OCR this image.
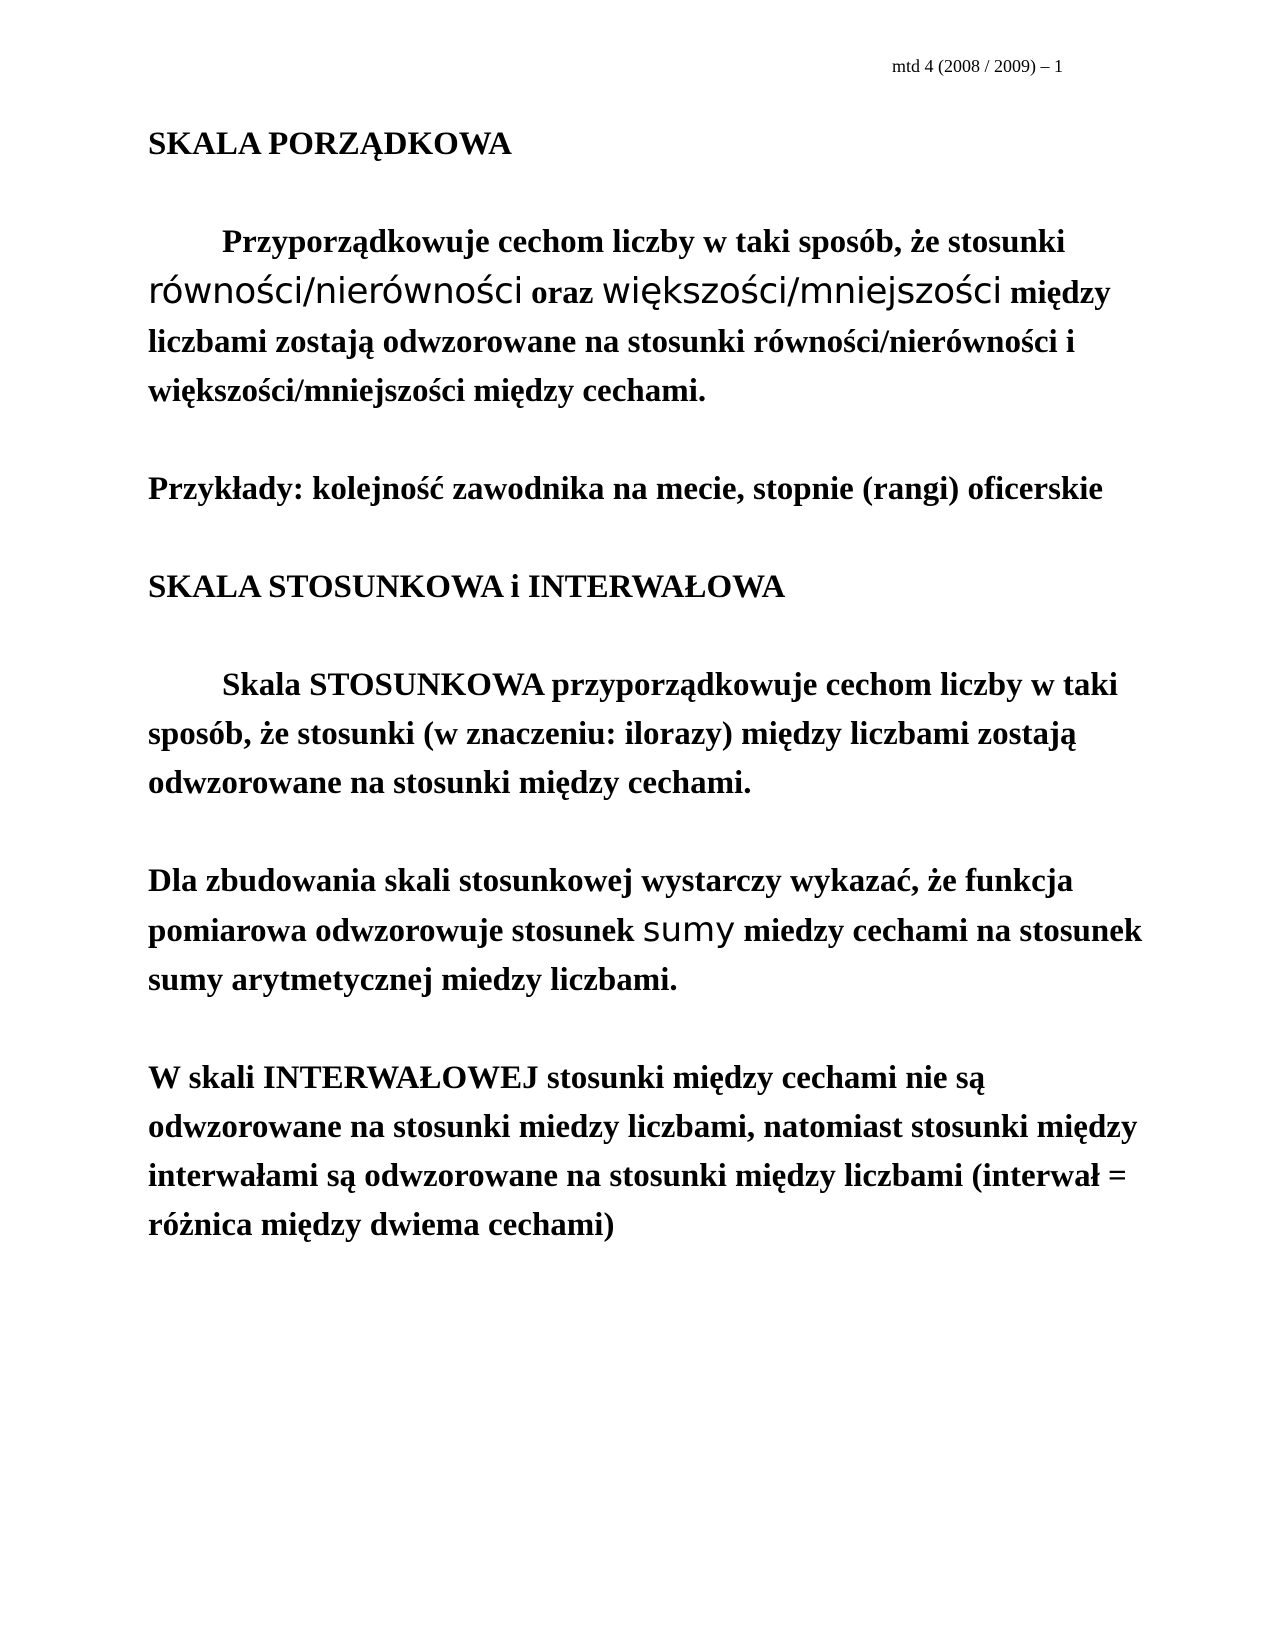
mtd 4 (2008 / 2009) – 1

SKALA PORZĄDKOWA

Przyporządkowuje cechom liczby w taki sposób, że stosunki równości/nierówności oraz większości/mniejszości między liczbami zostają odwzorowane na stosunki równości/nierówności i większości/mniejszości między cechami.

Przykłady: kolejność zawodnika na mecie, stopnie (rangi) oficerskie

SKALA STOSUNKOWA i INTERWAŁOWA

Skala STOSUNKOWA przyporządkowuje cechom liczby w taki sposób, że stosunki (w znaczeniu: ilorazy) między liczbami zostają odwzorowane na stosunki między cechami.

Dla zbudowania skali stosunkowej wystarczy wykazać, że funkcja pomiarowa odwzorowuje stosunek sumy miedzy cechami na stosunek sumy arytmetycznej miedzy liczbami.

W skali INTERWAŁOWEJ stosunki między cechami nie są odwzorowane na stosunki miedzy liczbami, natomiast stosunki między interwałami są odwzorowane na stosunki między liczbami (interwał = różnica między dwiema cechami)
